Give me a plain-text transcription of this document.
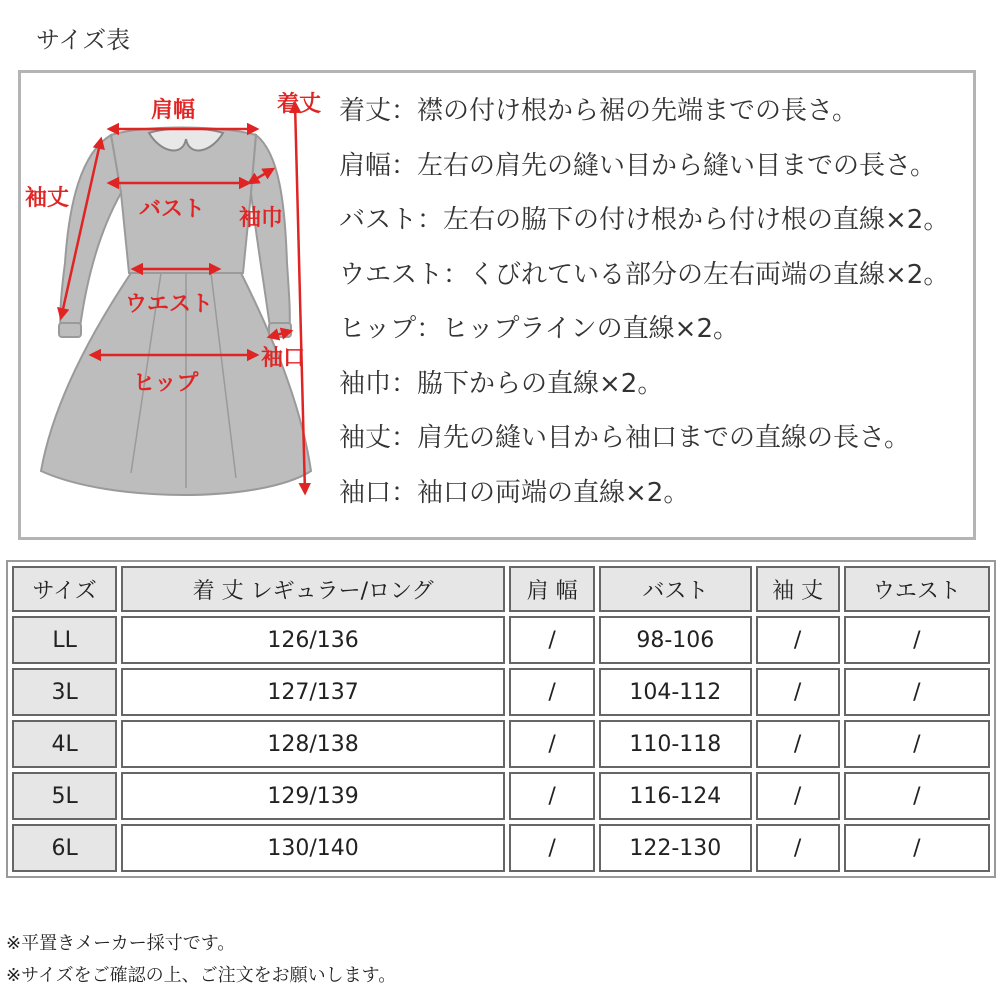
サイズ表
肩幅	着丈
袖丈	バスト 袖巾
ウエスト
袖口
ヒップ
着丈：襟の付け根から裾の先端までの長さ。
肩幅：左右の肩先の縫い目から縫い目までの長さ。
バスト：左右の脇下の付け根から付け根の直線×2。
ウエスト：くびれている部分の左右両端の直線×2。
ヒップ：ヒップラインの直線×2。
袖巾：脇下からの直線×2。
袖丈：肩先の縫い目から袖口までの直線の長さ。
袖口：袖口の両端の直線×2。
サイズ	着 丈 レギュラー/ロング	肩 幅	バスト	袖 丈	ウエスト
LL	126/136	/	98-106	/	/
3L	127/137	/	104-112	/	/
4L	128/138	/	110-118	/	/
5L	129/139	/	116-124	/	/
6L	130/140	/	122-130	/	/
※平置きメーカー採寸です。
※サイズをご確認の上、ご注文をお願いします。
